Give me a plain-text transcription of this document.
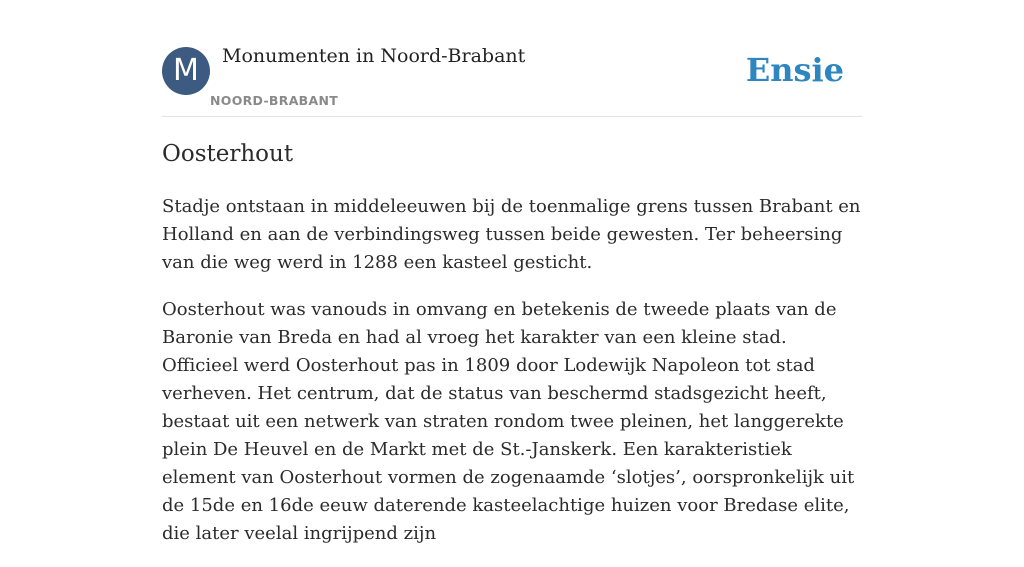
M	Monumenten in Noord-Brabant
NOORD-BRABANT
Ensie
Oosterhout

Stadje ontstaan in middeleeuwen bij de toenmalige grens tussen Brabant en Holland en aan de verbindingsweg tussen beide gewesten. Ter beheersing van die weg werd in 1288 een kasteel gesticht.

Oosterhout was vanouds in omvang en betekenis de tweede plaats van de Baronie van Breda en had al vroeg het karakter van een kleine stad. Officieel werd Oosterhout pas in 1809 door Lodewijk Napoleon tot stad verheven. Het centrum, dat de status van beschermd stadsgezicht heeft, bestaat uit een netwerk van straten rondom twee pleinen, het langgerekte plein De Heuvel en de Markt met de St.-Janskerk. Een karakteristiek element van Oosterhout vormen de zogenaamde ‘slotjes’, oorspronkelijk uit de 15de en 16de eeuw daterende kasteelachtige huizen voor Bredase elite, die later veelal ingrijpend zijn
